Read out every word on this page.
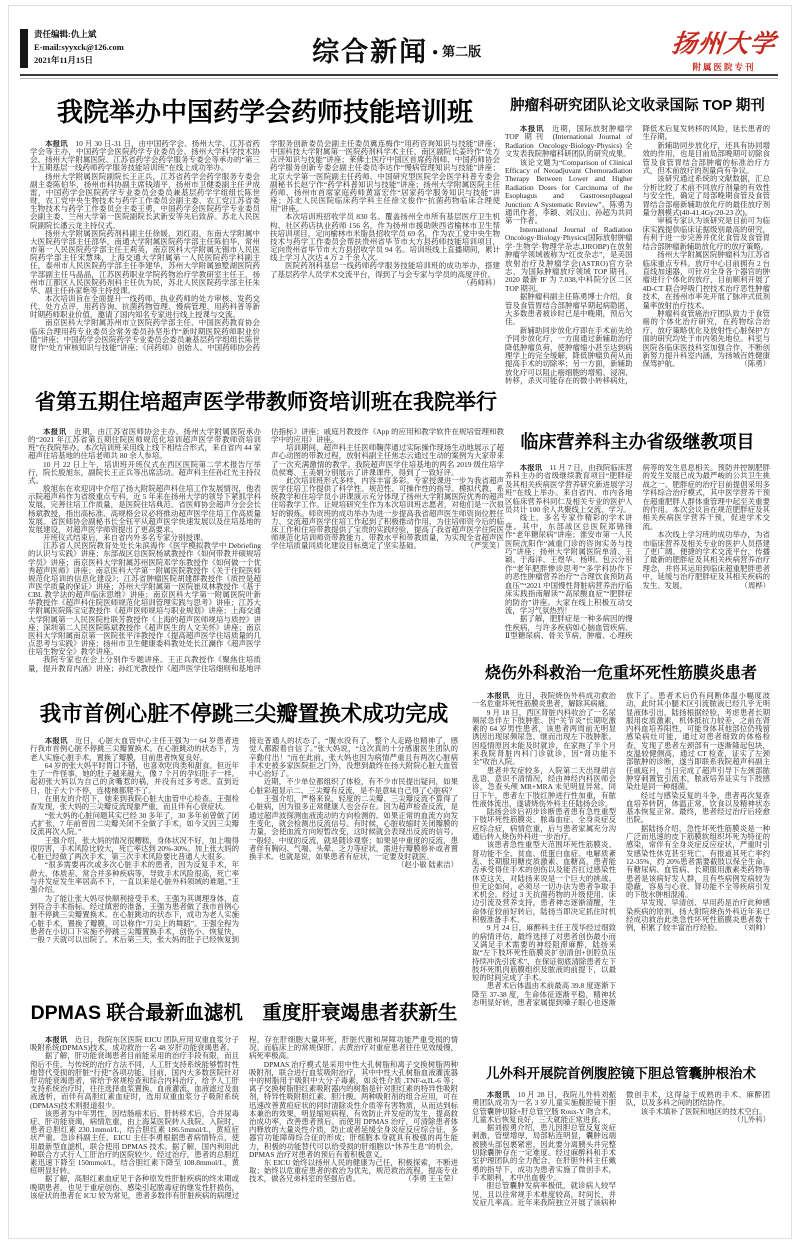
责任编辑:仇上斌
E-mail:syyxck@126.com
2021年11月15日	综合新闻 ● $^{第二版}$	扬州大学
附属医院专刊
我院举办中国药学会药师技能培训班

本报讯　10 月 30 日-31 日，由中国药学会、扬州大学、江苏省药学会等主办，中国药学会医院药学专业委员会、扬州大学科学技术协会、扬州大学附属医院、江苏省药学会药学服务专委会等承办的“第三十五期基层一线药师药学服务技能培训班”在线上成功举办。

扬州大学附属医院副院长王正兵，江苏省药学会药学服务专委会副主委陈伯华，扬州市科协副主席钱靖平，扬州市卫健委副主任尹成雷，中国药学会医院药学专业委员会委员兼基层药学学组组长陈世财，农工党中央生物技术与药学工作委员会副主委、农工党江苏省委生物技术与药学工作委员会主委王勇，中国药学会医院药学专业委员会副主委、兰州大学第一医院副院长武新安等先后致辞。苏北人民医院副院长潘云龙主持仪式。

扬州大学附属医院药剂科副主任徐媛、刘红雨，东南大学附属中大医院药学部主任邵华，南通大学附属医院药学部主任陈伯华，常州市第一人民医院药学部主任王莉英，南京医科大学附属无锡市人民医院药学部主任宋慧珠，上海交通大学附属第一人民医院药学科副主任，泰州市人民医院药学部主任李建华，苏州大学附属独墅湖医院药学部副主任马晶晶，江苏医药职业学院药物治疗学教研室主任王，扬州市江都区人民医院药剂科主任仇为民，苏北人民医院药学部主任朱华、副主任孙家艳等主持授课。

本次培训旨在全面提升一线药师、执业药师的处方审核、发药交代、处方点评、用药咨询、抗菌药物管理、慢病管理、用药科普等新时期药师职业价值，邀请了国内知名专家进行线上授课与交流。

南京医科大学附属苏州市立医院药学部主任、中国医药教育协会临床合理用药专业委员会常务委员孙坚彤作“新时期医院药师职业价值”讲座；中国药学会医院药学专业委员会委员兼基层药学组组长陈世财作“处方审核知识与技能”讲座；《问药师》创始人、中国药师协会药学服务创新委员会副主任委员冀连梅作“用药咨询知识与技能”讲座；中国科技大学附属第一医院药剂科学术主任、南区副院长姜玲作“处方点评知识与技能”讲座；莱佛士医疗中国区首席药剂师、中国药师协会药学服务创新专委会副主任委员李达作“慢病管理知识与技能”讲座；北京大学第一医院副主任药师、中国研究型医院学会医学科普专委会副秘书长赵宁作“药学科普知识与技能”讲座；扬州大学附属医院主任药师、扬州市首席家庭药师黄富宏作“居家药学服务知识与技能”讲座；苏北人民医院临床药学科主任徐文俊作“抗菌药物临床合理使用”讲座。

本次培训班招收学员 830 名。覆盖扬州全市所有基层医疗卫生机构、社区药店执业药师 156 名，作为扬州市援助陕西省榆林市卫生帮扶培训项目，定向榆林市米脂县招收学员 69 名，作为农工党中央生物技术与药学工作委员会帮扶贵州省毕节市大方县药师技能培训项目，定向贵州省毕节市大方县招收学员 94 名。培训班线上直播期间，累计线上学习人次达 4 万 2 千余人次。

医院药剂科基层一线药师药学服务技能培训班的成功举办，搭建了基层药学人员学术交流平台，得到了与会专家与学员的高度评价。
（药师科）

肿瘤科研究团队论文收录国际 TOP 期刊

本报讯　近期，国际放射肿瘤学 TOP 期刊 (International Journal of Radiation Oncology·Biology·Physics)全文发表我院肿瘤科研团队的研究成果。

该论文题为“Comparison of Clinical Efficacy of Neoadjuvant Chemoradiation Therapy Between Lower and Higher Radiation Doses for Carcinoma of the Esophagus and Gastroesophageal Junction: A Systematic Review”。陈勇为通讯作者，李颖、刘汉山、孙超为共同第一作者。

International Journal of Radiation Oncology·Biology·Physics(国际放射肿瘤学·生物学·物理学杂志,IJROBP)在放射肿瘤学领域被称为“红皮杂志”，是美国放射治疗及肿瘤学会(ASTRO)官方杂志，为国际肿瘤放疗领域 TOP 期刊。2020 最新 IF 为 7.038,中科院分区二区 TOP 期刊。

据肿瘤科副主任陈勇博士介绍，食管及食管胃结合部肿瘤早期起病隐匿，大多数患者被诊时已是中晚期，预后欠佳。

新辅助同步放化疗即在手术前先给予同步放化疗，一方面通过新辅助治疗降低肿瘤负荷，使肿瘤缩小甚至达到病理学上的完全缓解，降低肿瘤负荷从而提高手术的切除率；另一方面，新辅助放化疗可以阻止癌细胞的增殖、浸润、转移，杀灭可能存在的微小转移病灶，降低术后复发转移的风险，延长患者的生存期。

新辅助同步放化疗，还具有协同增效的作用，也是目前局部晚期可切除食管及食管胃结合部肿瘤的标准治疗方式，但术前放疗的剂量尚有争议。

该研究通过系统的文献数据，汇总分析比较了术前不同放疗剂量的有效性与安全性，确定了局部晚期食管及食管胃结合部癌新辅助放化疗的最佳放疗剂量分割模式(40-41.4Gy/20-23 次)。

审稿专家认为该研究是目前可为临床实践提供临床证据级别最高的研究，有利于进一步完善并优化食管及食管胃结合部肿瘤新辅助放化疗的放疗策略。

扬州大学附属医院肿瘤科为江苏省临床重点专科。放疗中心目前拥有 2 台直线加速器，可针对全身各个器官的肿瘤进行个体化的放疗，目前顺利开展了 4D-CT 联合呼吸门控技术治疗恶性肿瘤技术，在扬州市率先开展了脉冲式低剂量率放射治疗技术。

肿瘤科食管癌治疗团队致力于食管癌的个体化治疗研究，在药物综合治疗、放疗策略优化及放射性心脏保护方面的研究均处于市内领先地位。科室与医院各临床医技科室加强合作，不断创新努力提升科室内涵，为扬城百姓健康保驾护航。	（陈勇）

省第五期住培超声医学带教师资培训班在我院举行

本报讯　近期，由江苏省医师协会主办、扬州大学附属医院承办的“2021 年江苏省第五期住院医师规范化培训超声医学带教师资培训班”在我院举办。本次培训班采用线上线下相结合形式，来自省内 44 家超声住培基地的住培老师共 80 余人参培。

10 月 22 日上午，培训班开班仪式在西区医院第二学术报告厅举行，院长殷旭东，副院长王正兵等出席活动。超声科主任孙红光主持仪式。

殷旭东在欢迎词中介绍了扬大附院超声科住培工作发展情况，他表示院超声科作为省级重点专科，近 5 年来在扬州大学的领导下紧抓学科发展，完善住培工作质量，是医院住培典范。省医师协会超声分会会长杨斌教授，指出高标准、高规格会议必将推动超声医学住培工作高质量发展。省医师协会副秘书长全钰平从超声医学快速发展以及住培基地的发展建设，对超声医学师资提出了更高要求。

开班仪式结束后，来自省内外多名专家分别授课。

江苏省人民医院教育处处长朱滨海作《医学模拟教学中 Debriefing 的认识与实践》讲座；东部战区总医院杨斌教授作《如何带教并硕规培学员》讲座；南京医科大学附属苏州医院邓学东教授作《如何做一个优秀超声医师》讲座；南京医科大学第一附属医院教授作《关于住院医师规范化培训的信息化建设》；江苏省肿瘤医院胡建群教授作《质控是超声医学质量的保证》讲座；苏州大学附属第一医院崔凤林教授作《基于 CBL 教学法的超声临床思维》讲座；南京医科大学第一附属医院叶新华教授作《超声科住院医师规范化培训管理实践与思考》讲座；江苏大学附属医院陈宝定教授作《超声医师规培与职业规划》讲座；上海交通大学附属第一人民医院杜联芳教授作《上海的超声医师规培与质控》讲座；深圳第二人民医院陈斌教授作《超声医生的人文关怀》讲座；南京医科大学附属南京第一医院张平洋教授作《提高超声医学住培质量的几点思考与实践》讲座；扬州市卫生健康委科教处处长江澜作《超声医学住培生物安全》教学讲座。

我院专家也在会上分别作专题讲座。王正兵教授作《聚焦住培质量，提升教育内涵》讲座；孙红光教授作《超声医学住培细则和基地评估指标》讲座；戚庭月教授作《App 的应用和教学软件在规培管理和教学中的应用》讲座。

培训期间，超声科主任医师鞠萍通过实际操作现场生动地展示了超声心动图的带教过程，放射科副主任焦志云通过生动的案例为大家带来了一次充满激情的教学。我院超声医学住培基地的两名 2019 级住培学员侯骞、王美娟分别展示了讲课课件，得到了一致好评。

此次培训班形式多样，内容丰富多彩。专家授课进一步为我省超声医学住培工作提供了科学性、规范性、可操作性的指导。模拟代教、系统教学和住培学员小讲课演示充分体现了扬州大学附属医院优秀的超声住培教学工作。让规培研究生作为本次培训班志愿者，对他们是一次很好的锻炼。师资班的成功举办为进一步提高我省超声医生师资岗位胜任力、交流超声医学住培工作起到了积极推动作用，为住培师资今后的临床工作和住培带教提供了宝贵的实践经验，提高了我省超声医学住院医师规范化培训师资带教能力、带教水平和带教质量，为实现全省超声医学住培质量同质化建设目标奠定了坚实基础。	（严笑笑）

临床营养科主办省级继教项目

本报讯　11 月 7 日，由我院临床营养科主办的省级继续教育项目“肥胖症及其相关疾病医学营养研究新进展学习班”在线上举办。来自省内、市内各地区临床营养科同仁及相关专业的医护人员共计 100 余人共聚线上交流、学习。

线上，多名专家作精彩的学术讲座。其中，东部战区总医院郑锦锋作“老年糖尿病”讲座；淮安市第一人民医院沈阳作“减重门诊的咨询实务与技巧”讲座；扬州大学附属医院单清、王颖、于海洋、王煜华、杨明、包云分别作“老年肥胖惨诊思考”“多学科协作下的恶性肿瘤营养治疗”“合理饮食预防高血压”“2021 中国慢性肾脏病营养治疗临床实践指南解读”“高尿酸血症”“肥胖症的防治”讲座。大家在线上积极互动交流，学习气氛热烈！

据了解，肥胖症是一种多病因的慢性疾病，与许多疾病如心脑血管疾病、Ⅱ型糖尿病、骨关节病、肿瘤、心理疾病等的发生息息相关。预防并控制肥胖的发生发展已成为最严峻的公共卫生挑战之一。肥胖症的治疗目前提倡采用多学科综合治疗模式，其中医学营养干预在超重肥胖人群体重管理中起至关重要的作用。本次会议旨在规范肥胖症及其相关疾病医学营养干预，促进学术交流。

本次线上学习班的成功举办，为省市临床营养及相关专业的医护人员搭建了更广阔、便捷的学术交流平台，传播了最新的肥胖症及其相关疾病营养治疗理念，并将其运用到临床超重肥胖患者中，延缓与治疗肥胖症及其相关疾病的发生、发展。	（周桦）

我市首例心脏不停跳三尖瓣置换术成功完成

本报讯　近日，心脏大血管中心主任王强为一 64 岁患者进行我市首例心脏不停跳三尖瓣置换术。在心脏跳动的状态下，为老人实施心脏手术，置换了瓣膜，目前患者恢复良好。

64 岁的张大妈平时胃口不错，也喜欢吃肉类和甜食。但近年生了一件怪事，她的肚子越来越大，像 7 个月的孕妇肚子一样。起初张大妈以为自己的贪嘴惹的祸，并没有过多考虑。直到近日，肚子大个不停，连楼梯都爬不了。

在朋友的介绍下，她来到我院心脏大血管中心检查。王强检查发现，张大妈的三尖瓣反流现象严重，而且伴有心衰症状。

“张大妈的心脏问题其实已经 30 多年了，30 多年前曾做了闭式扩张，7 年前曾因二尖瓣关闭不全做了手术，如今又因三尖瓣反流再次入院。”

王强介绍，张大妈的情况很糟糕，身体状况不好，加上喘得很厉害，手术风险比较大，死亡率达到 20%-30%。加上张大妈的心脏已经做了两次手术，第三次手术风险要比普通人大很多。

“很多需要再次或多次心脏手术的患者，因为反复手术，年龄大、体质差、常合并多种疾病等，导致手术风险很高，死亡率与并发症发生率居高不下，一直以来是心脏外科领域的难题。”王强介绍。

为了能让张大妈尽快顺利接受手术，王强为其调理身体，直到符合手术指标。经过缜密的准备，王强为患者做了我市首例心脏不停跳三尖瓣置换术。在心脏跳动的状态下，成功为老人实施心脏手术，置换了瓣膜，可以称作“刀尖上的舞蹈”。王强全程为患者在小切口下实施不停跳三尖瓣置换手术，创伤小、恢复快，一般 7 天就可以出院了。术后第三天，张大妈的肚子已经恢复到接近普通人的状态了。“腹水没有了，整个人走路也精神了，感觉人都跟着自信了。”张大妈说，“这次真的十分感谢医生团队的辛勤付出！”而在此前，张大妈也因为病情严重且有两次心脏病手术史被多家医院拒之门外，没想到最终在扬大附院心脏大血管中心治好了。

近期，不少单位都组织了体检，有不少市民提出疑问，如果心脏彩超显示二、三尖瓣有反流，是不是意味自己得了心脏病？

王强介绍，严格来说，轻度的二尖瓣、三尖瓣反流不算得了心脏病，因为很多正常健康人也会存在。因为超声检查反流，是通过超声波探测血液流动的方向检测的。如果正常的血流方向发生变化，就会检测出反流信号。有时候，心脏收缩时关闭瓣膜的力量，会使血流方向短暂改变，这时候就会表现出反流的信号。一般轻、中度的反流，就是随诊观察；如果是中重度的反流，患者伴有胸闷、气喘、头晕、乏力等症状，需进行瓣膜修补或者置换手术。也就是说，如果患者有症状，一定要及时就医。
（赵小敏 陆素洁）

烧伤外科救治一危重坏死性筋膜炎患者

本报讯　近日，我院烧伤外科成功救治一名危重坏死性筋膜炎患者，解除其病痛。

9 月 18 日，西区肾脏内科收治了一名尿频尿急伴左下肢肿胀、因“关节炎”长期吃激素的 64 岁男性患者，该患者两周前无明显诱因出现尿频尿急，继而出现左下肢肿胀。因疫情原因未能及时就诊，在家拖了半个月来我院肾脏内科门诊就诊，因“肾功能不全”收治入院。

患者并发症较多，入院第二天出现胡言乱语、意识不清情况，经由神经内科医师会诊，急查头颅 MR+MRA 未见明显异常。同日下午，患者左下肢红肿进行性加重，有脓性液体流出，遂请烧伤外科主任陆扬会诊。

陆扬会诊后初步诊断患者患有急性重型下肢坏死性筋膜炎、脓毒血症、全身炎症反应综合症，病情危重，后与患者家属充分沟通后转入烧伤外科进一步治疗。

该患者急性重型大范围坏死性筋膜炎、肾功能不全、贫血、低蛋白血症、电解质紊乱、长期服用糖皮质激素、血糖高，患者能否承受得住手术的创伤以及能否扛过感染性休克这关，对陆扬来说是一个巨大的挑战。但无论如何，必须尽一切办法为患者争取手术机会。经过 3 天抗菌药物的升级使用、床边引流及营养支持，患者神志逐渐清醒，生命体征较前好转后，陆扬当即决定抓住时机积极准备手术。

9 月 24 日，麻醉科主任王茂华经过细致的病情评估，最终选择了对患者创伤最小而又满足手术需要的神经阻滞麻醉，陆扬采取“左下肢坏死性筋膜炎扩创清创+创腔负压持续冲洗引流术”，在保证彻底清除患者左下肢坏死肌肉筋膜组织及脓液的前提下，以最短的时间完成了手术。

患者术后体温由术前最高 39.8 度逐渐下降至 37-38 度，生命体征逐渐平稳，精神状态明显好转，患者家属提到嗓子眼心也逐渐放下了。患者术后仍有间断体温小幅度波动，此时其小腿术区引流脓液已经几乎无明显液体引出，陆扬根据经验，考虑患者长期服用皮质激素，机体抵抗力较差，之前在肾内科血培养阳性，可能身体其他部位仍残留感染病灶可能，通过对患者细致的体格检查，发现了患者左颈部有一逐渐隆起包块，皮温较健侧高，通过 CT 检查，证实了左颈部脓肿的诊断，遂当即联系我院超声科副主任戚庭月，当日完成了超声引导下左颈部脓肿穿刺置管引流术，脓液培养证实与下肢感染灶是同一种细菌。

经过与感染反复的斗争，患者再次复查血培养转阴，体温正常，饮食以及精神状态基本恢复正常。最终，患者经过治疗后痊愈出院。

据陆扬介绍，急性坏死性筋膜炎是一种广泛而迅速的皮下筋膜软组织坏死为特征的感染，常伴有全身炎症反应症状，严重时引发感染性休克甚至死亡，有报道其死亡率约 12-35%，约 20%患者需要截肢以保全生命。有糖尿病、血管病、长期服用激素类药物等患者是该病好发人群，且有些病例发病较为隐蔽，容易与心衰、肾功能不全等疾病引发的下肢水肿相混淆。

早发现、早清创、早用药是治疗此种感染疾病的原则。扬大附院烧伤外科近年来已经成功救治此类急性坏死性筋膜炎患者数十例，积累了较丰富治疗经验。 （刘帅）

DPMAS 联合最新血滤机　重度肝衰竭患者获新生

本报讯　近日，我院东区医院 EICU 团队应用双重血浆分子吸附系统(DPMAS)技术，成功救治一名 48 岁肝功能衰竭患者。

据了解，肝功能衰竭患者目前能采用的治疗手段有限，而且预后不佳。与传统的治疗方法不同，人工肝支持系统能够暂时性地替代受损的肝脏“行使”各项功能。目前，国内大多数医院针对肝功能衰竭患者，常给予常规检查和综合内科治疗，给予人工肝支持系统治疗时，往往选择血浆置换、血液灌流、血液滤过及血液透析，而伴有高胆红素血症时，选用双重血浆分子吸附系统(DPMAS)技术则报道很少。

该患者为中年男性，因结肠癌术后、肝转移术后，合并尿毒症、肝功能衰竭，病情危重，由上海某医院转入我院。入院时，患者总胆红素 230.1mmol/L，结合胆红素 186.5mmol/L，黄疸症状严重。急诊科副主任、EICU 主任李勇根据患者病情特点，使用最新型血滤机，联合使用 DPMAS 技术。据了解，国内利用此种联合方式行人工肝治疗的医院较少。经过治疗，患者的总胆红素迅速下降至 150mmol/L，结合胆红素下降至 108.8mmol/L，黄疸明显好转。

据了解，高胆红素血症见于各种原发性肝脏疾病的终末期或晚期患者，也见于重症创伤、感染引起脓毒症的继发性肝损伤，该症状的患者在 ICU 较为常见，患者多数伴有肝脏疾病的病理过程，存在肝细胞大量坏死，肝脏代谢和屏障功能严重受损的情况。而临床上的常规保肝、去黄治疗对重症患者往往见效缓慢，病死率极高。

DPMAS 治疗模式是采用中性大孔树脂和离子交换树脂两种吸附剂，联合进行血浆吸附治疗，其中中性大孔树脂血液灌流器中的树脂用于吸附中大分子毒素，如炎性介质 ,TNF-α,IL-6 等；离子交换树脂胆红素吸附器内的树脂是针对胆红素的特异性吸附剂，特异性吸附胆红素、胆汁酸。两种吸附剂的组合应用，可在迅速改善黄疸症状的同时清除炎性介质等有害物质，从而达到标本兼治的效果，明显缩短病程，有效防止并发症的发生，提高救治成功率，改善患者预后。而使用 DPMAS 治疗，可清除患者体内释放的大量炎性介质，防止或者延缓全身炎症反应综合征，多器官功能障碍综合征的形成；肝细胞本身就具有极强的再生能力，积极的功能替代可以给受损的肝细胞以“休养生息”的机会，DPMAS 治疗对患者的预后有着积极意义。

东 EICU 始终以扬州人民的健康为己任，积极探索，不断进取；始终以危重症患者的救治为优先，规范救治流程，提高专业技术，做各兄弟科室的坚强后盾。	（李勇 王玉荣）

儿外科开展院首例腹腔镜下胆总管囊肿根治术

本报讯　10 月 28 日，我院儿外科刘振勇团队成功为一名 3 岁儿童实施腹腔镜下胆总管囊肿切除+肝总管空肠 Roux-Y 吻合术，儿童术后恢复良好，三天就能正常进食。

据刘振勇介绍，患儿因胆总管反复炎症刺激，管壁增厚，局部粘连明显，囊肿远端被胰头部包裹紧密，因此要分离胰头并完整切除囊肿存在一定难度。经过麻醉科和手术室护理团队的全力配合，在肝胆外科主任戴勇的指导下，成功为患者实施了微创手术，手术顺利，术中出血极少。

胆总管囊肿发病率极低，就诊病人较罕见，且以往常规手术难度较高，时间长，并发症几率高。近年来我院独立开展了该病种微创手术，这得益于成熟的手术、麻醉团队，以及多科之间的团结协作。

该手术填补了医院和地区的技术空白。
（儿外科）
